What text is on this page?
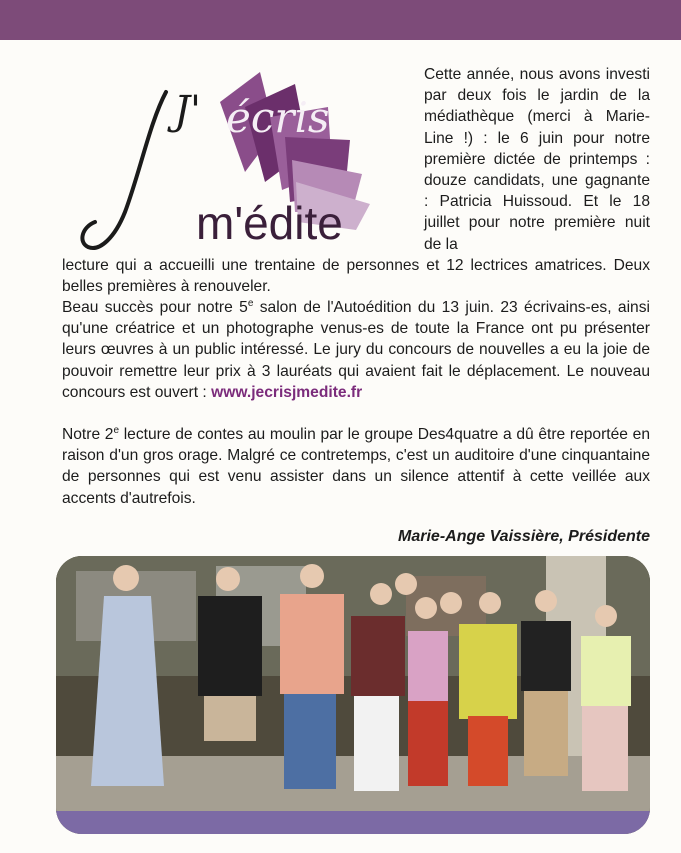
J' écris
m'édite
Cette année, nous avons investi par deux fois le jardin de la médiathèque (merci à Marie-Line !) : le 6 juin pour notre première dictée de printemps : douze candidats, une gagnante : Patricia Huissoud. Et le 18 juillet pour notre première nuit de la
lecture qui a accueilli une trentaine de personnes et 12 lectrices amatrices. Deux belles premières à renouveler.
Beau succès pour notre 5e salon de l'Autoédition du 13 juin. 23 écrivains-es, ainsi qu'une créatrice et un photographe venus-es de toute la France ont pu présenter leurs œuvres à un public intéressé. Le jury du concours de nouvelles a eu la joie de pouvoir remettre leur prix à 3 lauréats qui avaient fait le déplacement. Le nouveau concours est ouvert : www.jecrisjmedite.fr
Notre 2e lecture de contes au moulin par le groupe Des4quatre a dû être reportée en raison d'un gros orage. Malgré ce contretemps, c'est un auditoire d'une cinquantaine de personnes qui est venu assister dans un silence attentif à cette veillée aux accents d'autrefois.
Marie-Ange Vaissière, Présidente
